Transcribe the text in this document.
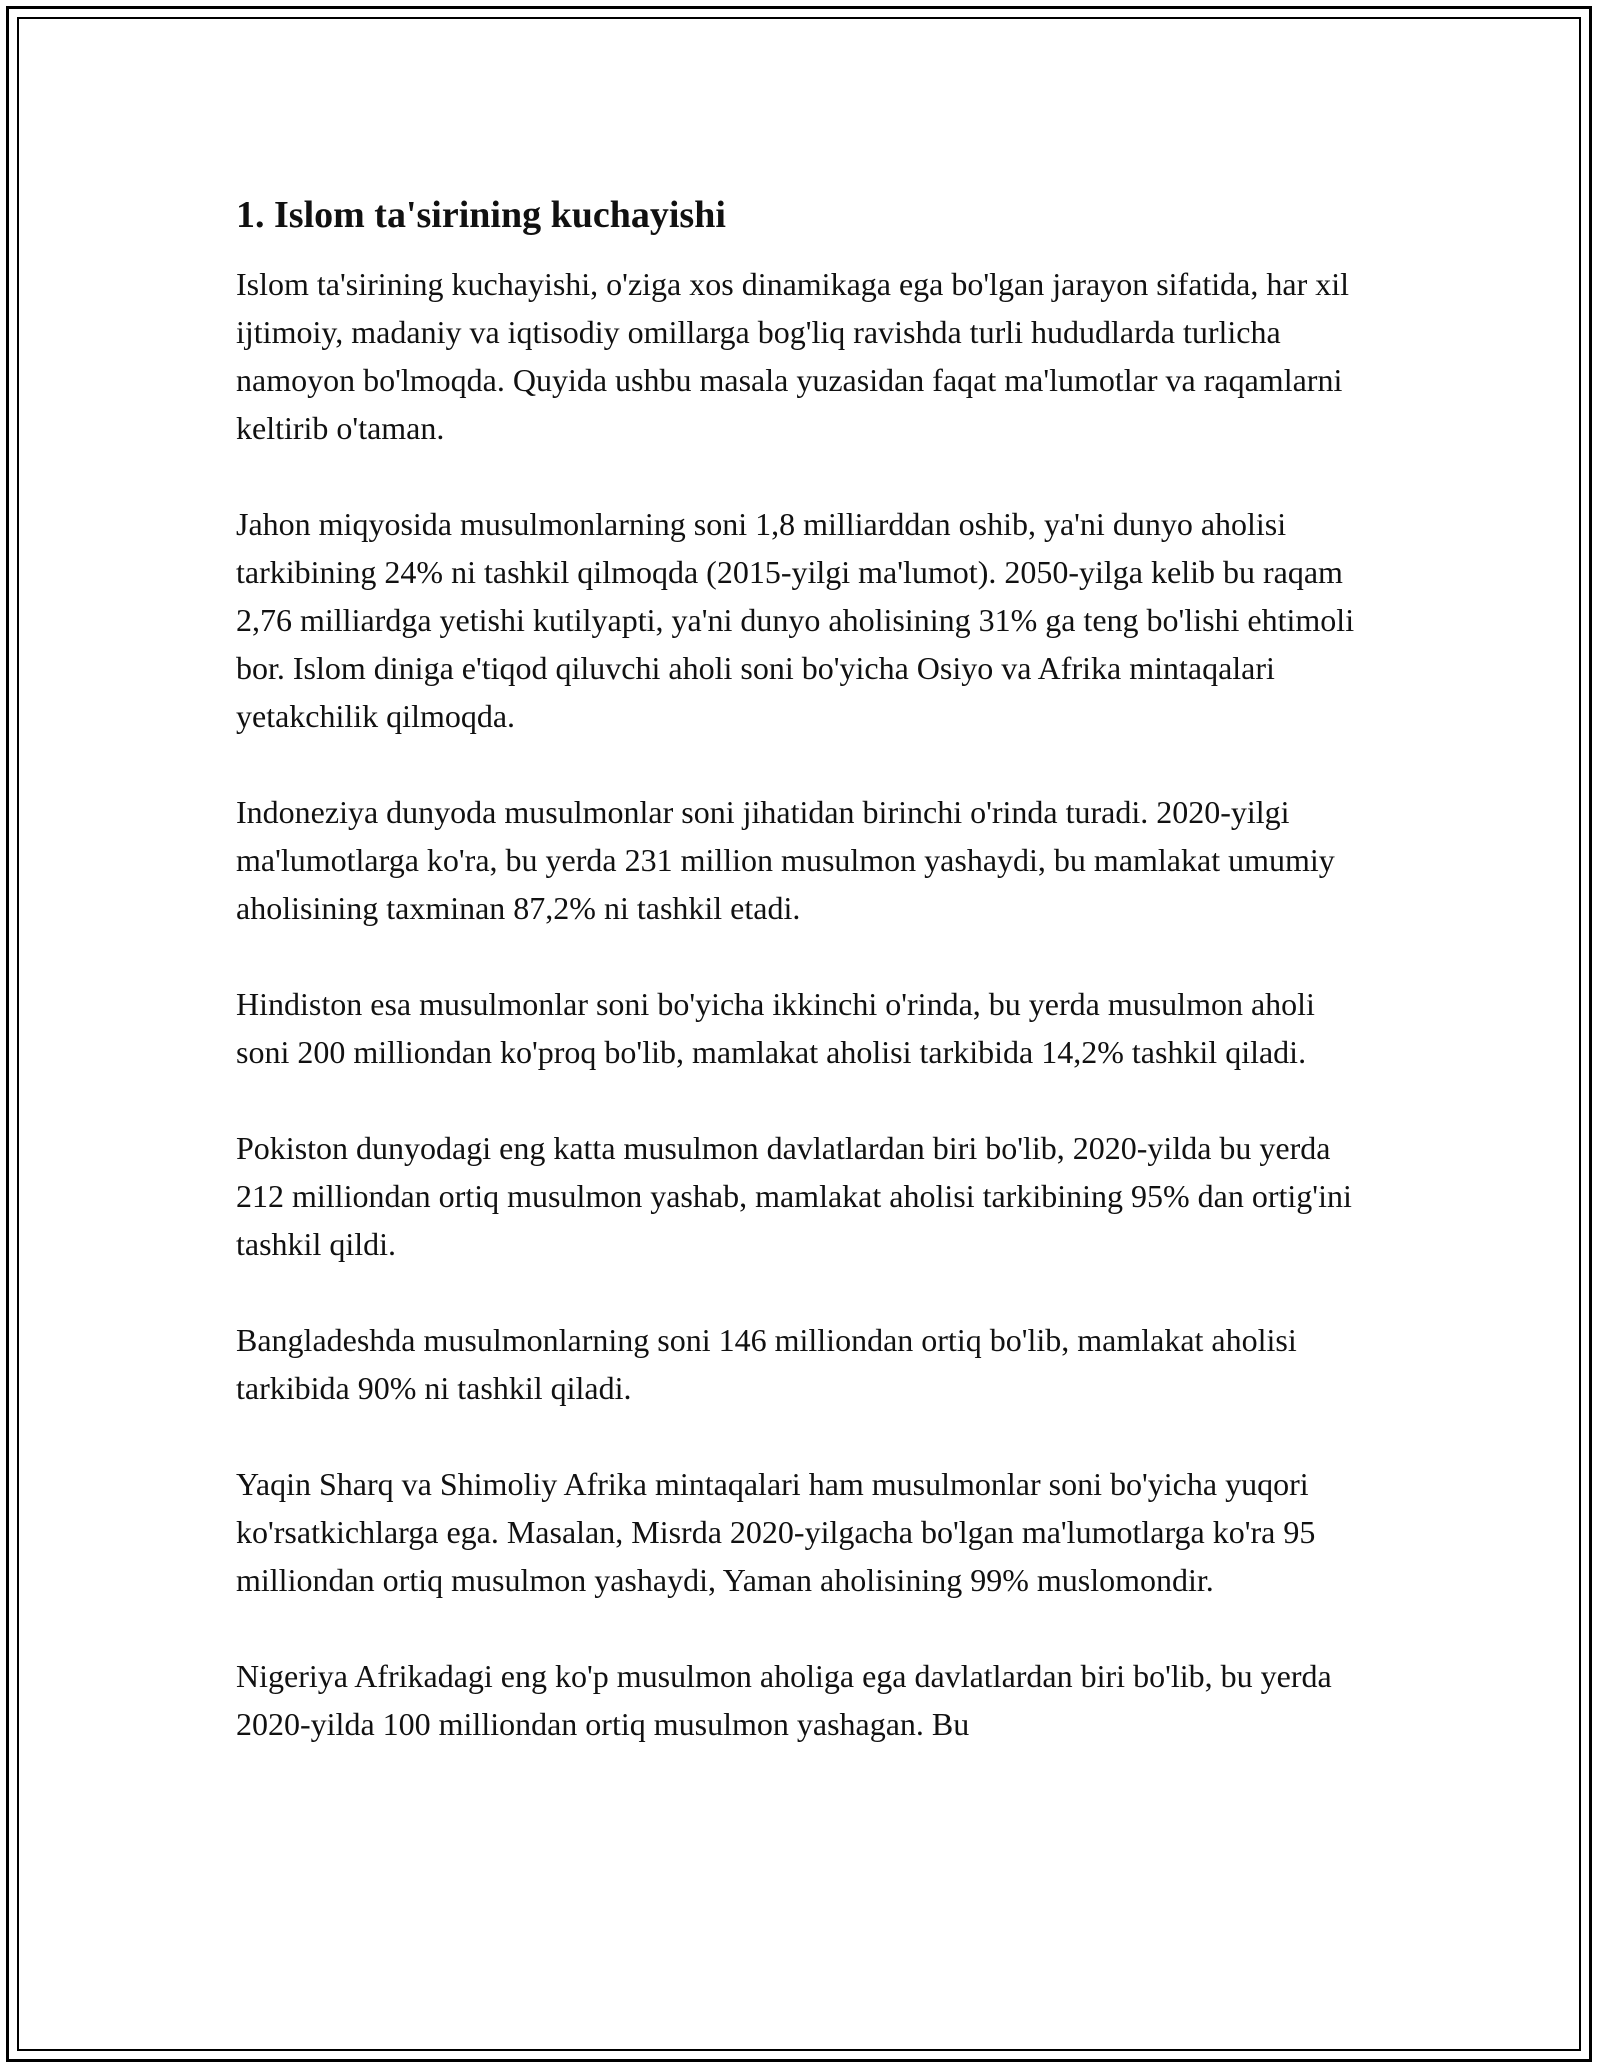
1. Islom ta'sirining kuchayishi

Islom ta'sirining kuchayishi, o'ziga xos dinamikaga ega bo'lgan jarayon sifatida, har xil ijtimoiy, madaniy va iqtisodiy omillarga bog'liq ravishda turli hududlarda turlicha namoyon bo'lmoqda. Quyida ushbu masala yuzasidan faqat ma'lumotlar va raqamlarni keltirib o'taman.

Jahon miqyosida musulmonlarning soni 1,8 milliarddan oshib, ya'ni dunyo aholisi tarkibining 24% ni tashkil qilmoqda (2015-yilgi ma'lumot). 2050-yilga kelib bu raqam 2,76 milliardga yetishi kutilyapti, ya'ni dunyo aholisining 31% ga teng bo'lishi ehtimoli bor. Islom diniga e'tiqod qiluvchi aholi soni bo'yicha Osiyo va Afrika mintaqalari yetakchilik qilmoqda.

Indoneziya dunyoda musulmonlar soni jihatidan birinchi o'rinda turadi. 2020-yilgi ma'lumotlarga ko'ra, bu yerda 231 million musulmon yashaydi, bu mamlakat umumiy aholisining taxminan 87,2% ni tashkil etadi.

Hindiston esa musulmonlar soni bo'yicha ikkinchi o'rinda, bu yerda musulmon aholi soni 200 milliondan ko'proq bo'lib, mamlakat aholisi tarkibida 14,2% tashkil qiladi.

Pokiston dunyodagi eng katta musulmon davlatlardan biri bo'lib, 2020-yilda bu yerda 212 milliondan ortiq musulmon yashab, mamlakat aholisi tarkibining 95% dan ortig'ini tashkil qildi.

Bangladeshda musulmonlarning soni 146 milliondan ortiq bo'lib, mamlakat aholisi tarkibida 90% ni tashkil qiladi.

Yaqin Sharq va Shimoliy Afrika mintaqalari ham musulmonlar soni bo'yicha yuqori ko'rsatkichlarga ega. Masalan, Misrda 2020-yilgacha bo'lgan ma'lumotlarga ko'ra 95 milliondan ortiq musulmon yashaydi, Yaman aholisining 99% muslomondir.

Nigeriya Afrikadagi eng ko'p musulmon aholiga ega davlatlardan biri bo'lib, bu yerda 2020-yilda 100 milliondan ortiq musulmon yashagan. Bu
